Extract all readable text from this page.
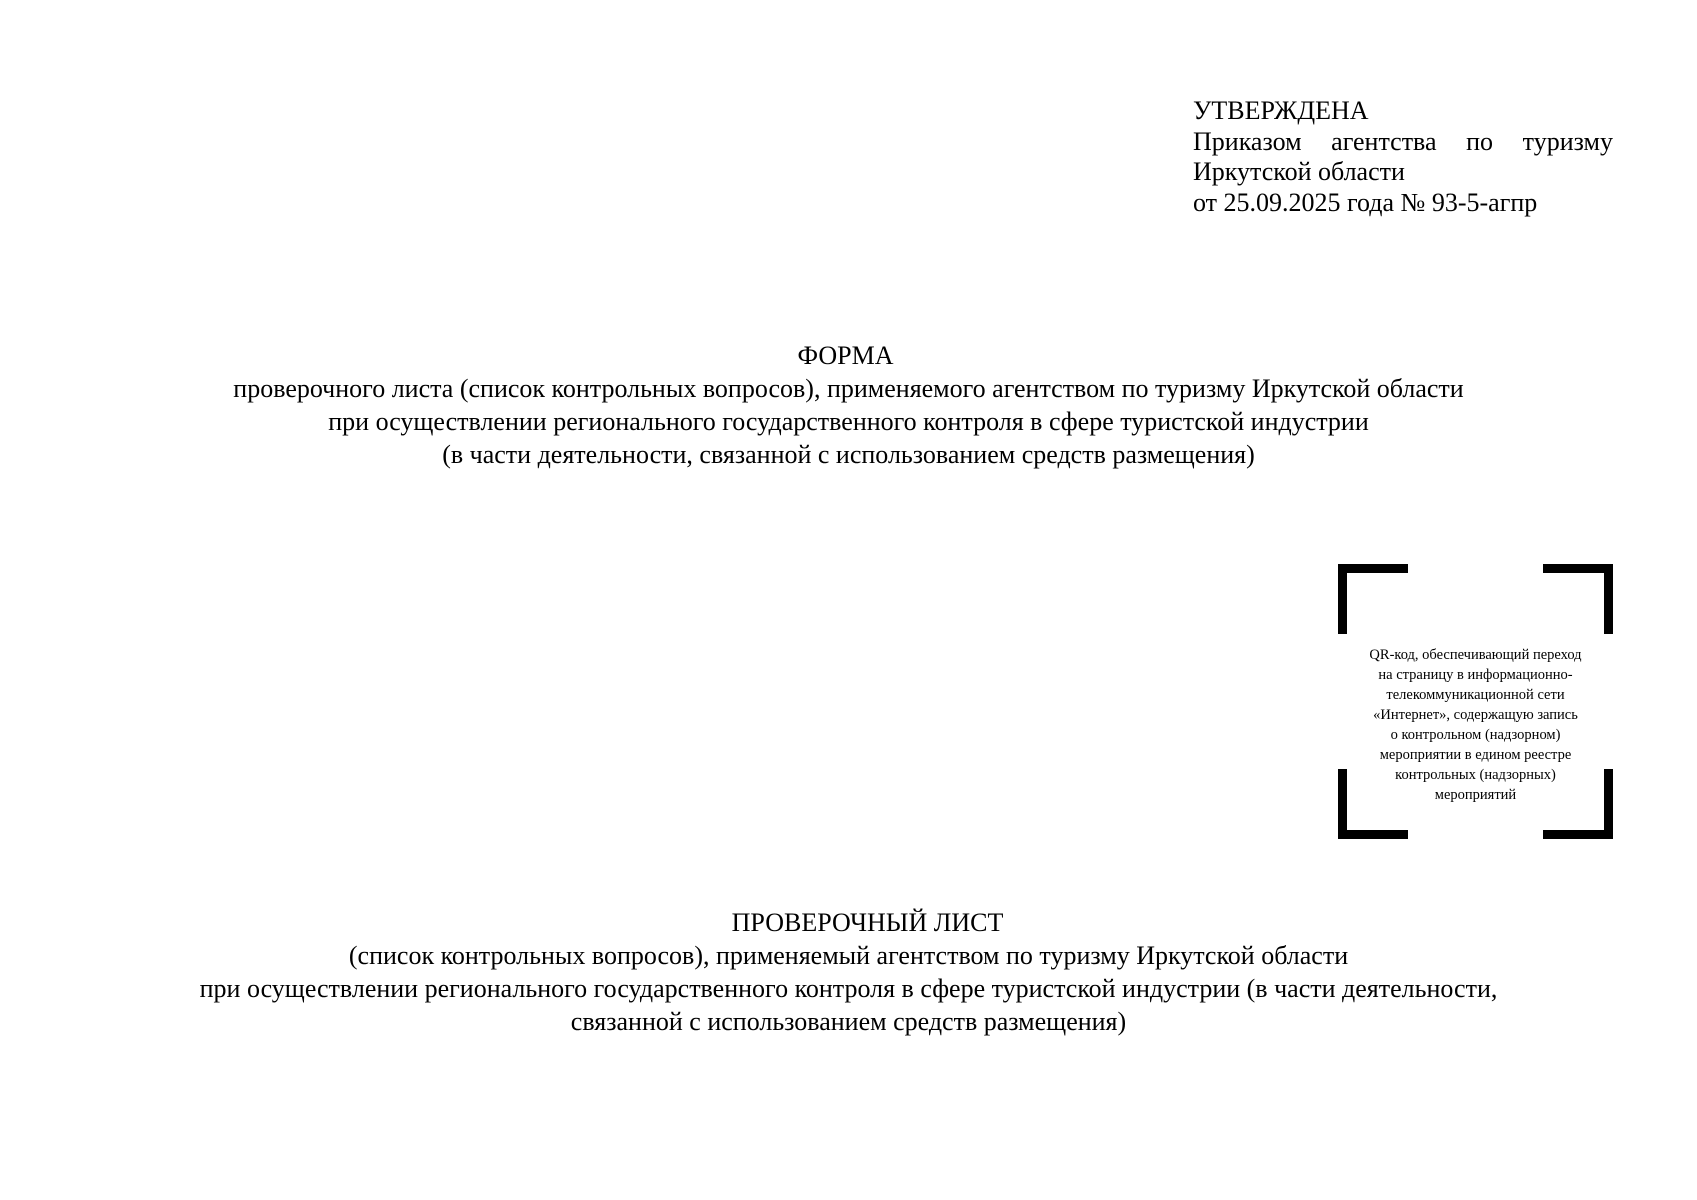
УТВЕРЖДЕНА
Приказом агентства по туризму
Иркутской области
от 25.09.2025 года № 93-5-агпр
ФОРМА
проверочного листа (список контрольных вопросов), применяемого агентством по туризму Иркутской области
при осуществлении регионального государственного контроля в сфере туристской индустрии
(в части деятельности, связанной с использованием средств размещения)
QR-код, обеспечивающий переход
на страницу в информационно-
телекоммуникационной сети
«Интернет», содержащую запись
о контрольном (надзорном)
мероприятии в едином реестре
контрольных (надзорных)
мероприятий
ПРОВЕРОЧНЫЙ ЛИСТ
(список контрольных вопросов), применяемый агентством по туризму Иркутской области
при осуществлении регионального государственного контроля в сфере туристской индустрии (в части деятельности,
связанной с использованием средств размещения)
